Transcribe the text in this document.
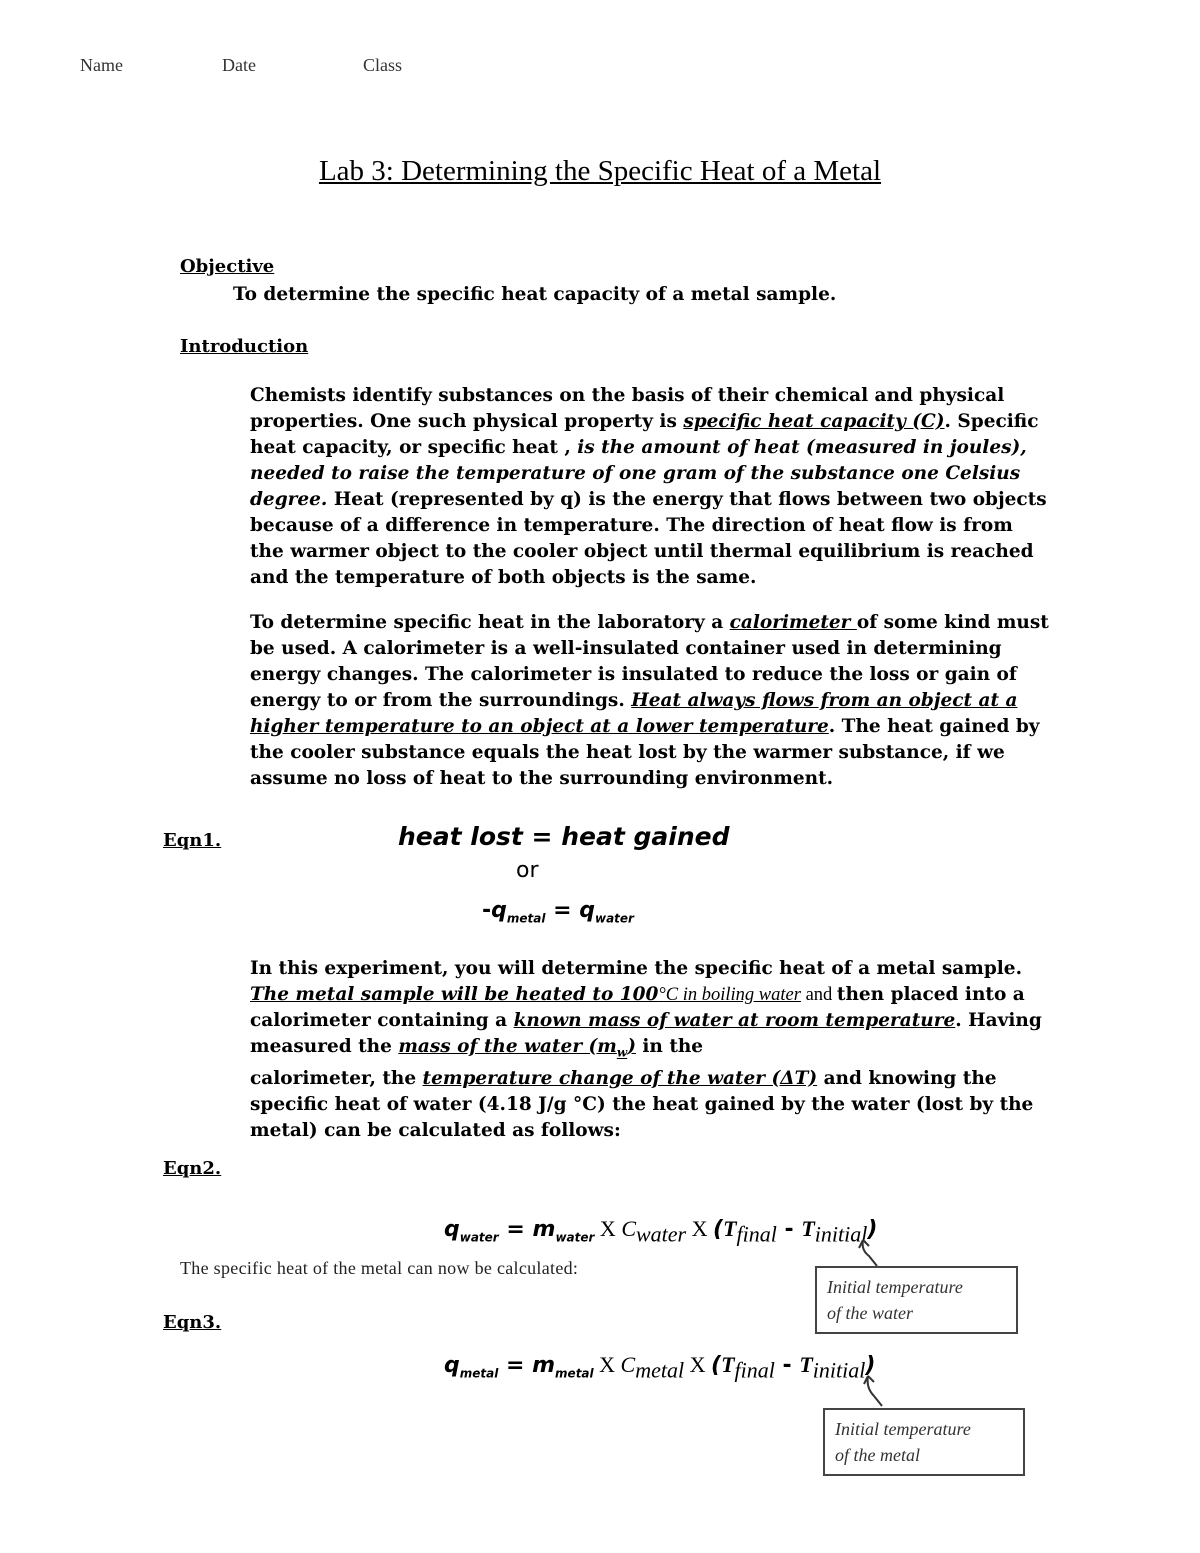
Name	Date	Class
Lab 3: Determining the Specific Heat of a Metal
Objective
To determine the specific heat capacity of a metal sample.
Introduction

Chemists identify substances on the basis of their chemical and physical properties. One such physical property is specific heat capacity (C). Specific heat capacity, or specific heat , is the amount of heat (measured in joules), needed to raise the temperature of one gram of the substance one Celsius degree. Heat (represented by q) is the energy that flows between two objects because of a difference in temperature. The direction of heat flow is from the warmer object to the cooler object until thermal equilibrium is reached and the temperature of both objects is the same.

To determine specific heat in the laboratory a calorimeter of some kind must be used. A calorimeter is a well-insulated container used in determining energy changes. The calorimeter is insulated to reduce the loss or gain of energy to or from the surroundings. Heat always flows from an object at a higher temperature to an object at a lower temperature. The heat gained by the cooler substance equals the heat lost by the warmer substance, if we assume no loss of heat to the surrounding environment.

Eqn1.	heat lost = heat gained
or
$-q_{metal} = q_{water}$

In this experiment, you will determine the specific heat of a metal sample. The metal sample will be heated to 100°C in boiling water and then placed into a calorimeter containing a known mass of water at room temperature. Having measured the mass of the water $(m_w)$ in the
calorimeter, the temperature change of the water (ΔT) and knowing the specific heat of water (4.18 J/g °C) the heat gained by the water (lost by the metal) can be calculated as follows:

Eqn2.
$q_{water} = m_{water}$ X $C_{water}$ X $(T_{final} - T_{initial})$
The specific heat of the metal can now be calculated:
Initial temperature
of the water
Eqn3.
$q_{metal} = m_{metal}$ X $C_{metal}$ X $(T_{final} - T_{initial})$
Initial temperature
of the metal
